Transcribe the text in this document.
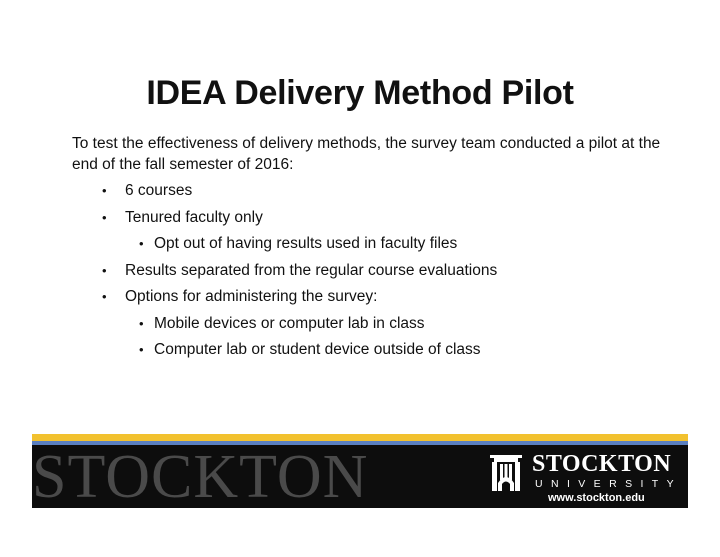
IDEA Delivery Method Pilot

To test the effectiveness of delivery methods, the survey team conducted a pilot at the end of the fall semester of 2016:

• 6 courses
• Tenured faculty only
• Opt out of having results used in faculty files
• Results separated from the regular course evaluations
• Options for administering the survey:
• Mobile devices or computer lab in class
• Computer lab or student device outside of class
STOCKTON	STOCKTON
UNIVERSITY
www.stockton.edu
